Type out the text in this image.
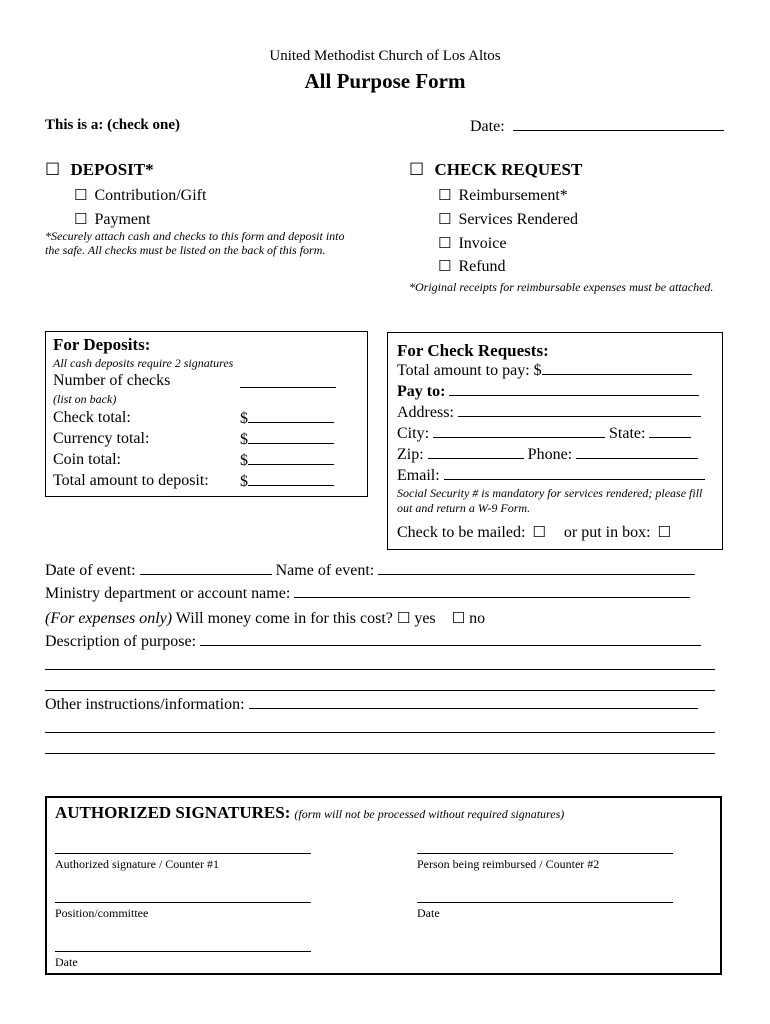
United Methodist Church of Los Altos
All Purpose Form
This is a: (check one)	Date:
☐ DEPOSIT*
☐ Contribution/Gift
☐ Payment
*Securely attach cash and checks to this form and deposit into the safe. All checks must be listed on the back of this form.
☐ CHECK REQUEST
☐ Reimbursement*
☐ Services Rendered
☐ Invoice
☐ Refund
*Original receipts for reimbursable expenses must be attached.
For Deposits:
All cash deposits require 2 signatures
Number of checks
(list on back)
Check total:	$
Currency total:	$
Coin total:	$
Total amount to deposit: $
For Check Requests:
Total amount to pay: $
Pay to:
Address:
City:	State:
Zip:	Phone:
Email:
Social Security # is mandatory for services rendered; please fill out and return a W-9 Form.
Check to be mailed: ☐ or put in box: ☐
Date of event:	Name of event:
Ministry department or account name:
(For expenses only) Will money come in for this cost? ☐ yes ☐ no
Description of purpose:
Other instructions/information:
AUTHORIZED SIGNATURES: (form will not be processed without required signatures)
Authorized signature / Counter #1	Person being reimbursed / Counter #2
Position/committee	Date
Date
